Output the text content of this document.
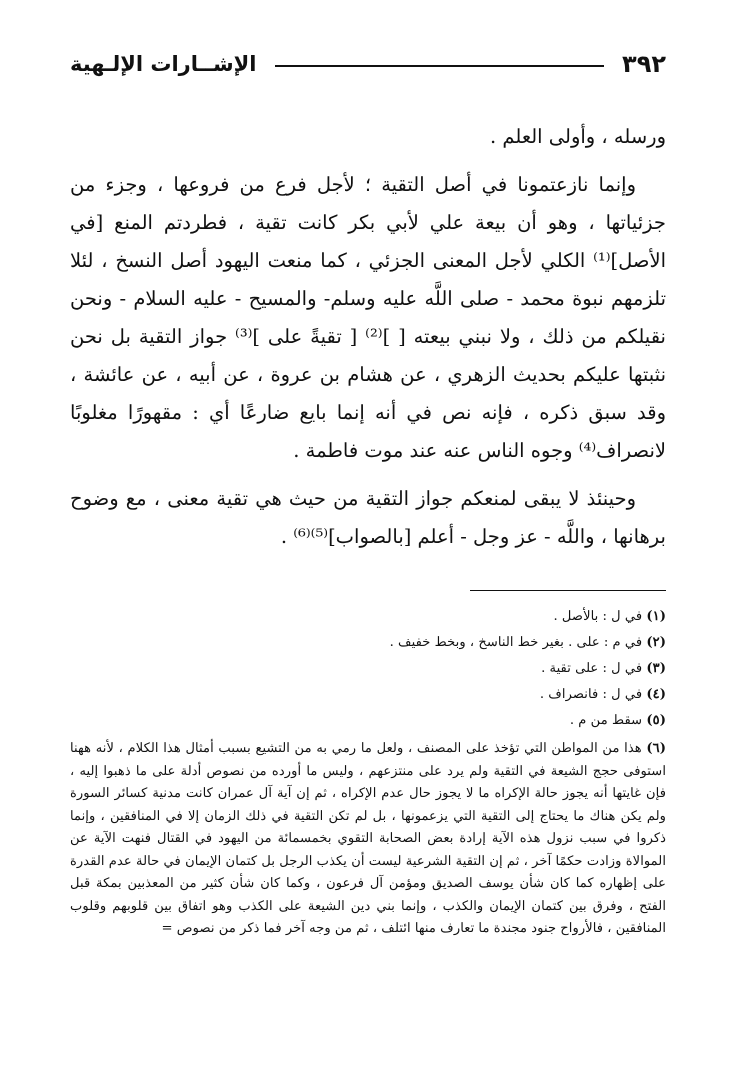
٣٩٢
الإشــارات الإلـهية

ورسله ، وأولى العلم .

وإنما نازعتمونا في أصل التقية ؛ لأجل فرع من فروعها ، وجزء من جزئياتها ، وهو أن بيعة علي لأبي بكر كانت تقية ، فطردتم المنع [في الأصل]⁽¹⁾ الكلي لأجل المعنى الجزئي ، كما منعت اليهود أصل النسخ ، لئلا تلزمهم نبوة محمد - صلى اللَّه عليه وسلم- والمسيح - عليه السلام - ونحن نقيلكم من ذلك ، ولا نبني بيعته [ ]⁽²⁾ [ تقيةً على ]⁽³⁾ جواز التقية بل نحن نثبتها عليكم بحديث الزهري ، عن هشام بن عروة ، عن أبيه ، عن عائشة ، وقد سبق ذكره ، فإنه نص في أنه إنما بايع ضارعًا أي : مقهورًا مغلوبًا لانصراف⁽⁴⁾ وجوه الناس عنه عند موت فاطمة .

وحينئذ لا يبقى لمنعكم جواز التقية من حيث هي تقية معنى ، مع وضوح برهانها ، واللَّه - عز وجل - أعلم [بالصواب]⁽⁵⁾⁽⁶⁾ .

(١) في ل : بالأصل .

(٢) في م : على . بغير خط الناسخ ، وبخط خفيف .

(٣) في ل : على تقية .

(٤) في ل : فانصراف .

(٥) سقط من م .

(٦) هذا من المواطن التي تؤخذ على المصنف ، ولعل ما رمي به من التشيع بسبب أمثال هذا الكلام ، لأنه ههنا استوفى حجج الشيعة في التقية ولم يرد على منتزعهم ، وليس ما أورده من نصوص أدلة على ما ذهبوا إليه ، فإن غايتها أنه يجوز حالة الإكراه ما لا يجوز حال عدم الإكراه ، ثم إن آية آل عمران كانت مدنية كسائر السورة ولم يكن هناك ما يحتاج إلى التقية التي يزعمونها ، بل لم تكن التقية في ذلك الزمان إلا في المنافقين ، وإنما ذكروا في سبب نزول هذه الآية إرادة بعض الصحابة التقوي بخمسمائة من اليهود في القتال فنهت الآية عن الموالاة وزادت حكمًا آخر ، ثم إن التقية الشرعية ليست أن يكذب الرجل بل كتمان الإيمان في حالة عدم القدرة على إظهاره كما كان شأن يوسف الصديق ومؤمن آل فرعون ، وكما كان شأن كثير من المعذبين بمكة قبل الفتح ، وفرق بين كتمان الإيمان والكذب ، وإنما بني دين الشيعة على الكذب وهو اتفاق بين قلوبهم وقلوب المنافقين ، فالأرواح جنود مجندة ما تعارف منها ائتلف ، ثم من وجه آخر فما ذكر من نصوص =
